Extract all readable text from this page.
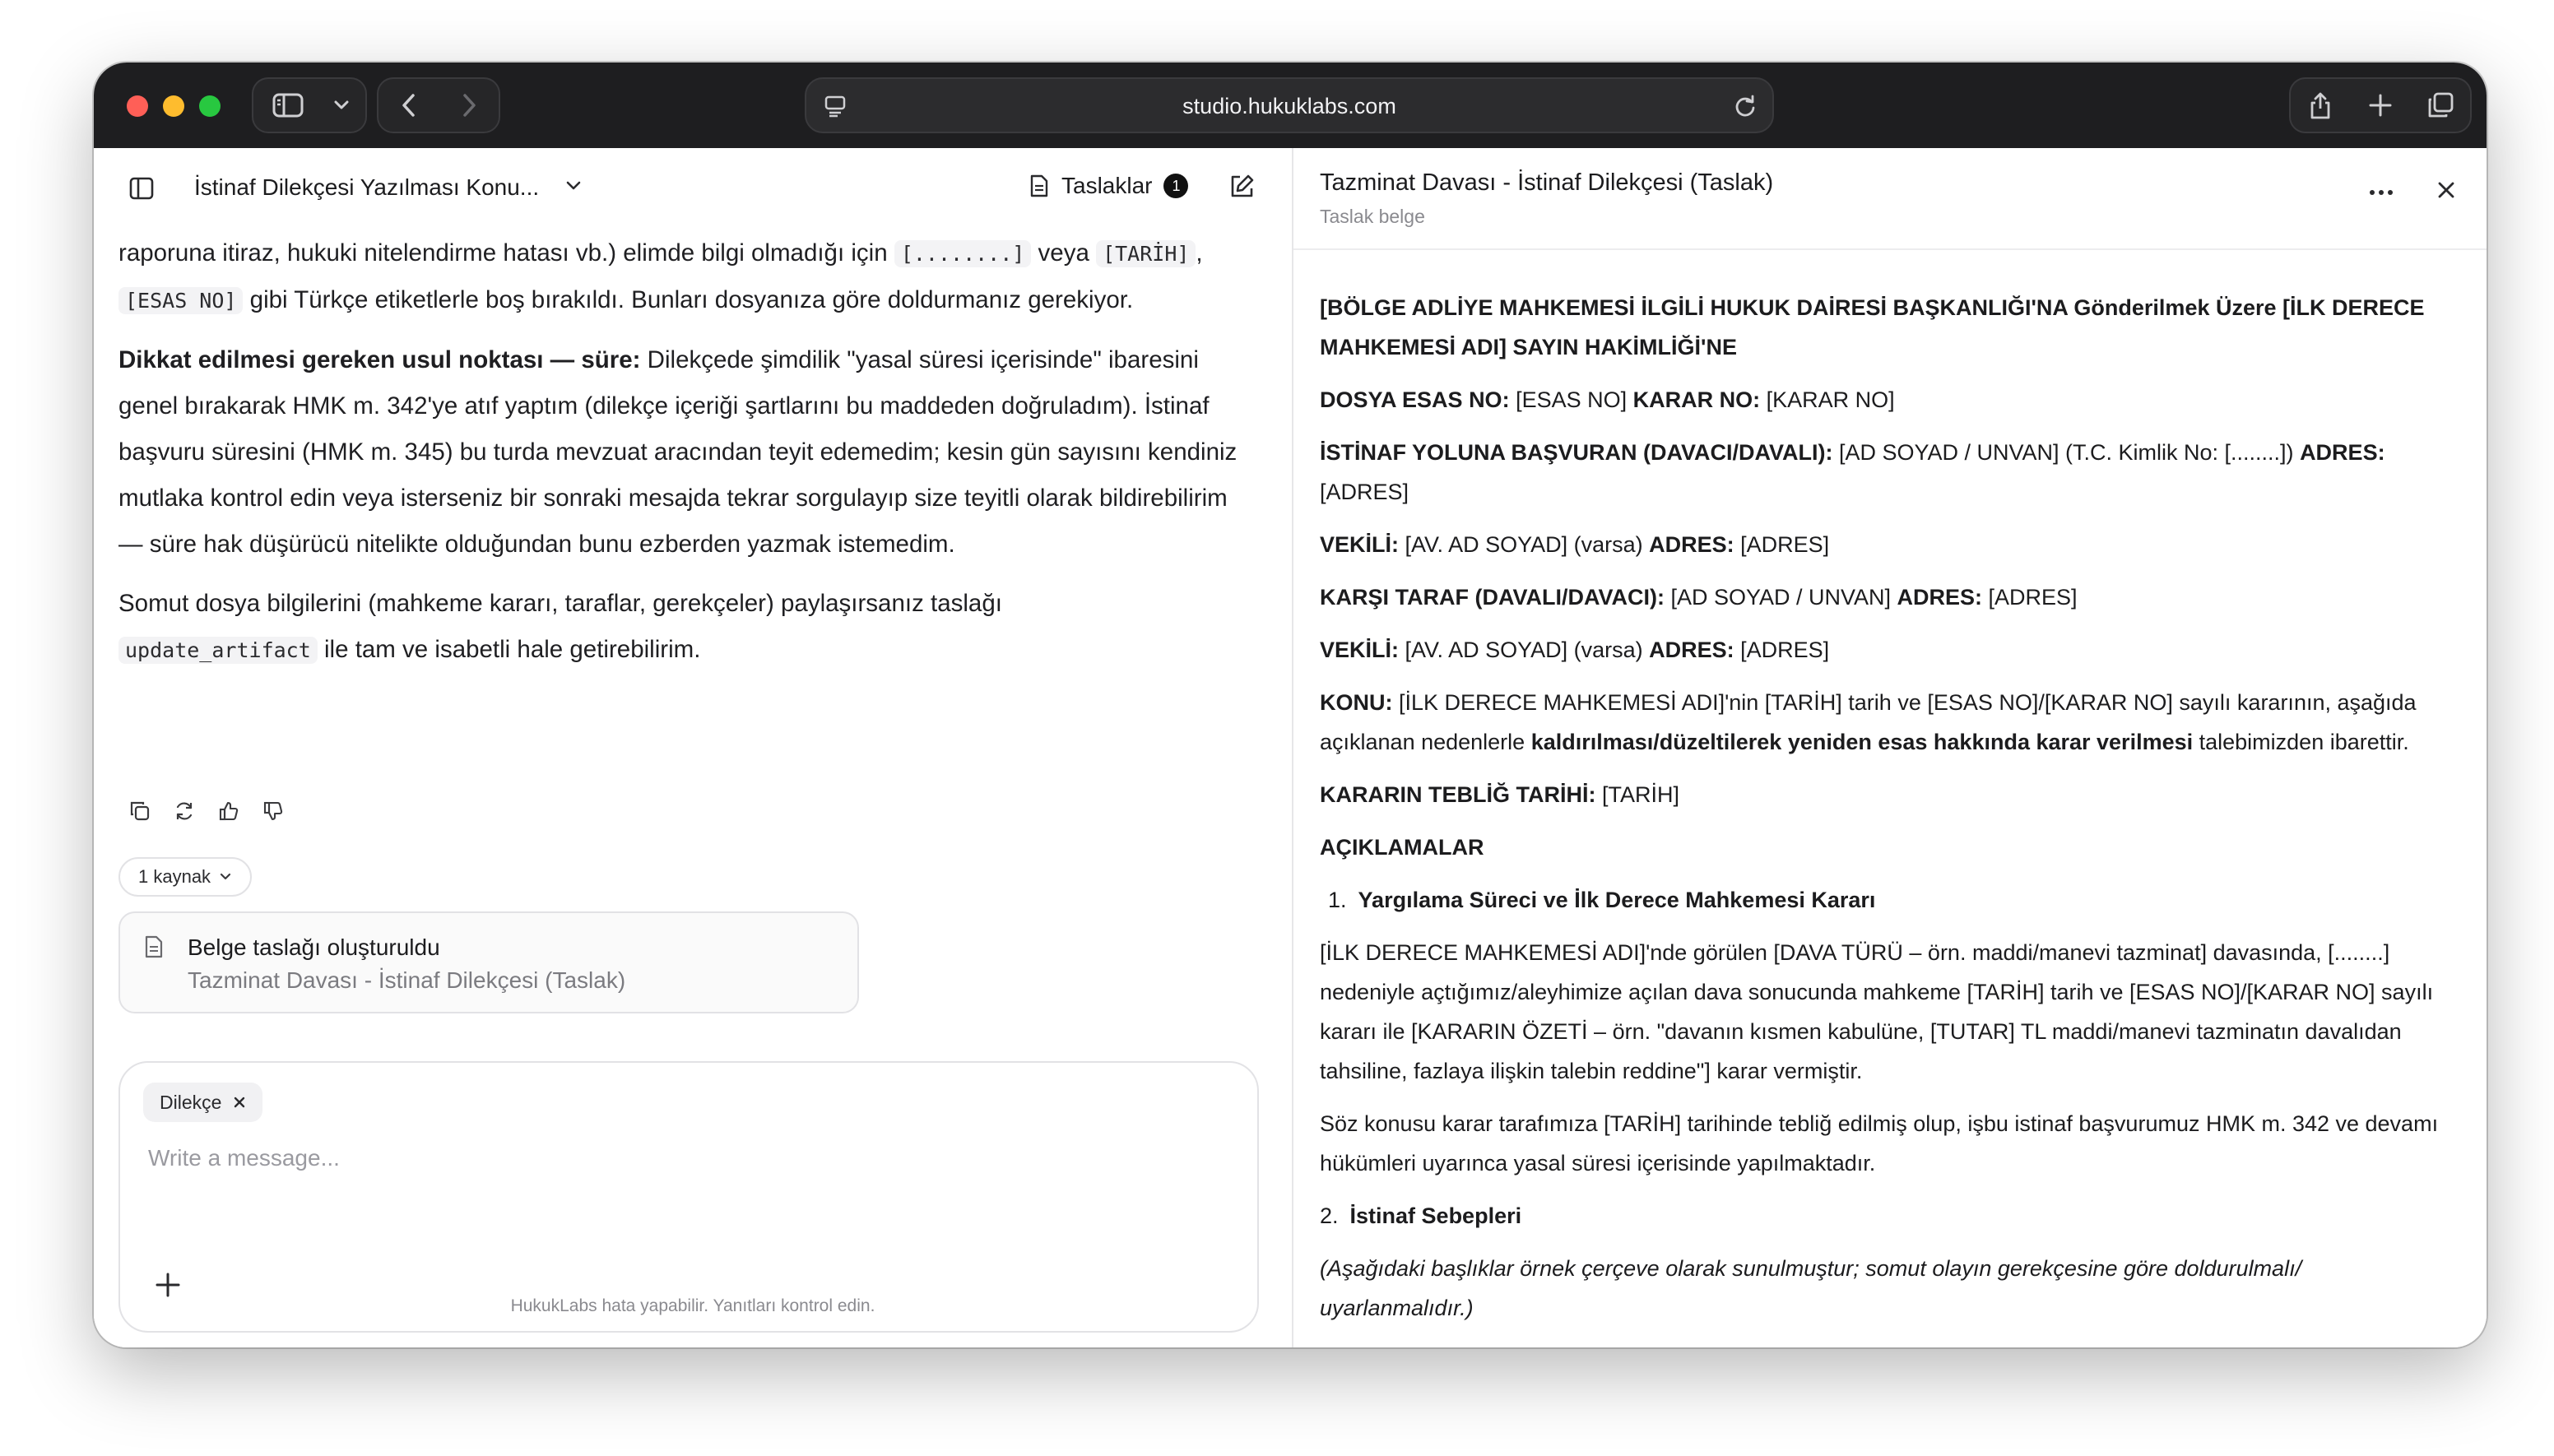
studio.hukuklabs.com
İstinaf Dilekçesi Yazılması Konu...	Taslaklar	1

raporuna itiraz, hukuki nitelendirme hatası vb.) elimde bilgi olmadığı için [........] veya [TARİH] ,
[ESAS NO] gibi Türkçe etiketlerle boş bırakıldı. Bunları dosyanıza göre doldurmanız gerekiyor.

Dikkat edilmesi gereken usul noktası — süre: Dilekçede şimdilik "yasal süresi içerisinde" ibaresini genel bırakarak HMK m. 342'ye atıf yaptım (dilekçe içeriği şartlarını bu maddeden doğruladım). İstinaf başvuru süresini (HMK m. 345) bu turda mevzuat aracından teyit edemedim; kesin gün sayısını kendiniz mutlaka kontrol edin veya isterseniz bir sonraki mesajda tekrar sorgulayıp size teyitli olarak bildirebilirim — süre hak düşürücü nitelikte olduğundan bunu ezberden yazmak istemedim.

Somut dosya bilgilerini (mahkeme kararı, taraflar, gerekçeler) paylaşırsanız taslağı
update_artifact ile tam ve isabetli hale getirebilirim.

1 kaynak
Belge taslağı oluşturuldu
Tazminat Davası - İstinaf Dilekçesi (Taslak)
Dilekçe
Write a message...
HukukLabs hata yapabilir. Yanıtları kontrol edin.
Tazminat Davası - İstinaf Dilekçesi (Taslak)
Taslak belge

[BÖLGE ADLİYE MAHKEMESİ İLGİLİ HUKUK DAİRESİ BAŞKANLIĞI'NA Gönderilmek Üzere [İLK DERECE MAHKEMESİ ADI] SAYIN HAKİMLİĞİ'NE

DOSYA ESAS NO: [ESAS NO] KARAR NO: [KARAR NO]

İSTİNAF YOLUNA BAŞVURAN (DAVACI/DAVALI): [AD SOYAD / UNVAN] (T.C. Kimlik No: [........]) ADRES: [ADRES]

VEKİLİ: [AV. AD SOYAD] (varsa) ADRES: [ADRES]

KARŞI TARAF (DAVALI/DAVACI): [AD SOYAD / UNVAN] ADRES: [ADRES]

VEKİLİ: [AV. AD SOYAD] (varsa) ADRES: [ADRES]

KONU: [İLK DERECE MAHKEMESİ ADI]'nin [TARİH] tarih ve [ESAS NO]/[KARAR NO] sayılı kararının, aşağıda açıklanan nedenlerle kaldırılması/düzeltilerek yeniden esas hakkında karar verilmesi talebimizden ibarettir.

KARARIN TEBLİĞ TARİHİ: [TARİH]

AÇIKLAMALAR

1. Yargılama Süreci ve İlk Derece Mahkemesi Kararı

[İLK DERECE MAHKEMESİ ADI]'nde görülen [DAVA TÜRÜ – örn. maddi/manevi tazminat] davasında, [........] nedeniyle açtığımız/aleyhimize açılan dava sonucunda mahkeme [TARİH] tarih ve [ESAS NO]/[KARAR NO] sayılı kararı ile [KARARIN ÖZETİ – örn. "davanın kısmen kabulüne, [TUTAR] TL maddi/manevi tazminatın davalıdan tahsiline, fazlaya ilişkin talebin reddine"] karar vermiştir.

Söz konusu karar tarafımıza [TARİH] tarihinde tebliğ edilmiş olup, işbu istinaf başvurumuz HMK m. 342 ve devamı hükümleri uyarınca yasal süresi içerisinde yapılmaktadır.

2. İstinaf Sebepleri

(Aşağıdaki başlıklar örnek çerçeve olarak sunulmuştur; somut olayın gerekçesine göre doldurulmalı/ uyarlanmalıdır.)
